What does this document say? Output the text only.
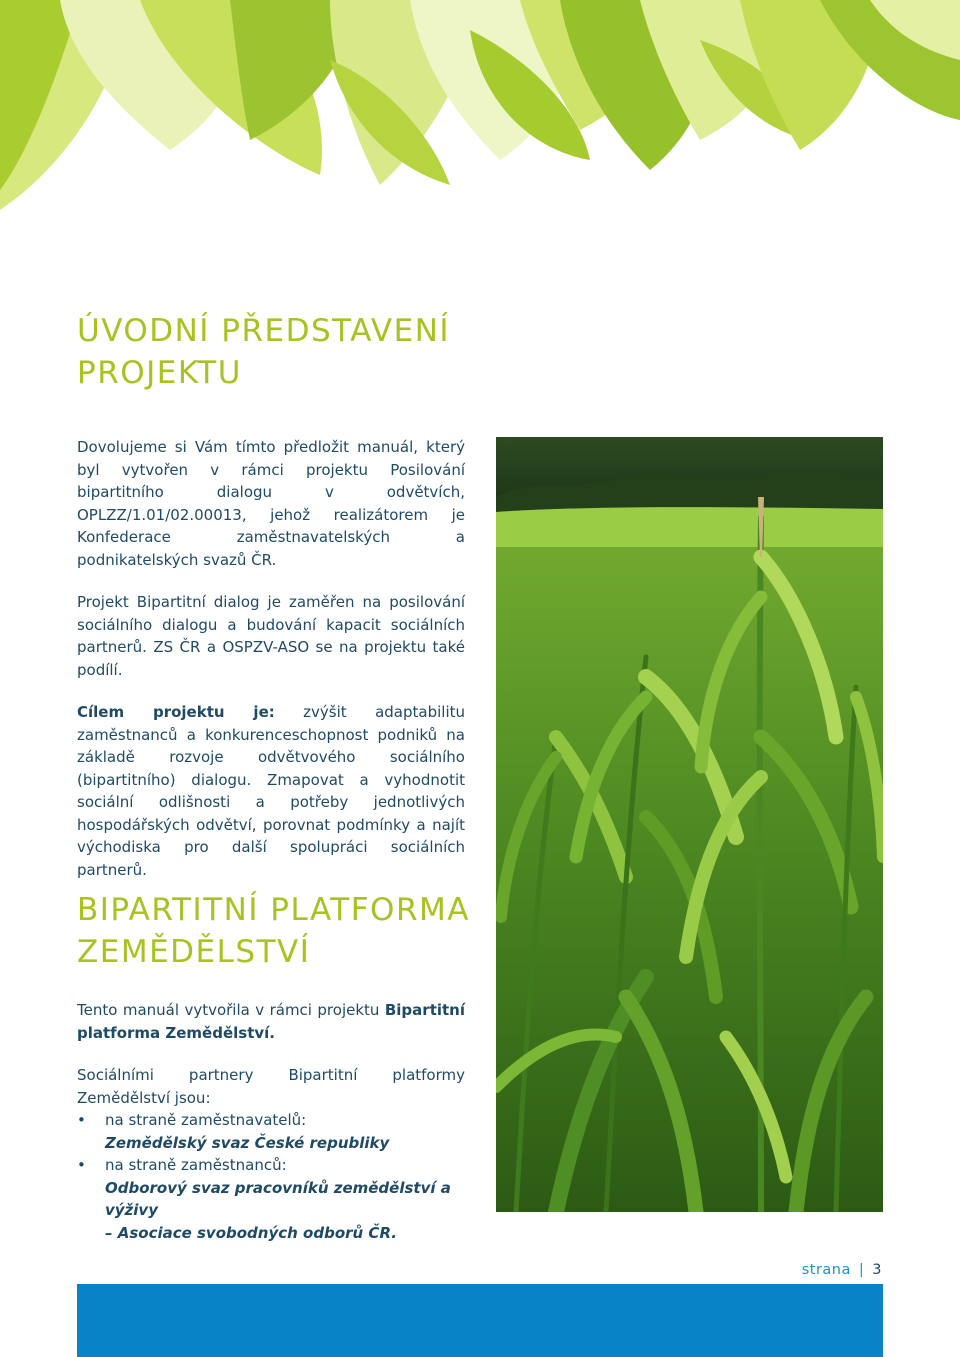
ÚVODNÍ PŘEDSTAVENÍ
PROJEKTU

Dovolujeme si Vám tímto předložit manuál, který byl vytvořen v rámci projektu Posilování bipartitního dialogu v odvětvích, OPLZZ/1.01/02.00013, jehož realizátorem je Konfederace zaměstnavatelských a podnikatelských svazů ČR.

Projekt Bipartitní dialog je zaměřen na posilování sociálního dialogu a budování kapacit sociálních partnerů. ZS ČR a OSPZV-ASO se na projektu také podílí.

Cílem projektu je: zvýšit adaptabilitu zaměstnanců a konkurenceschopnost podniků na základě rozvoje odvětvového sociálního (bipartitního) dialogu. Zmapovat a vyhodnotit sociální odlišnosti a potřeby jednotlivých hospodářských odvětví, porovnat podmínky a najít východiska pro další spolupráci sociálních partnerů.

BIPARTITNÍ PLATFORMA
ZEMĚDĚLSTVÍ

Tento manuál vytvořila v rámci projektu Bipartitní platforma Zemědělství.

Sociálními partnery Bipartitní platformy Zemědělství jsou:

• na straně zaměstnavatelů:
Zemědělský svaz České republiky
• na straně zaměstnanců:
Odborový svaz pracovníků zemědělství a výživy
– Asociace svobodných odborů ČR.
strana | 3
